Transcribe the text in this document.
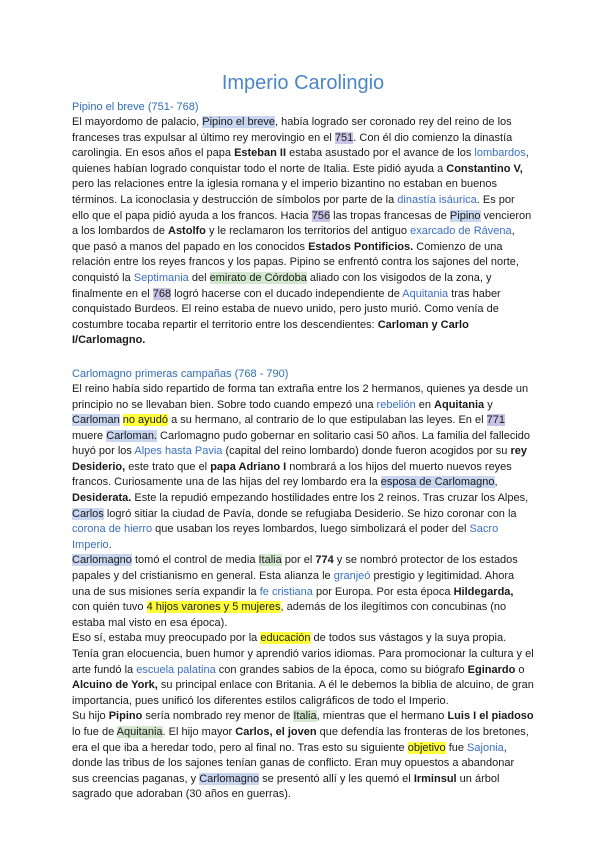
Imperio Carolingio
Pipino el breve (751- 768)

El mayordomo de palacio, Pipino el breve, había logrado ser coronado rey del reino de los franceses tras expulsar al último rey merovingio en el 751. Con él dio comienzo la dinastía carolingia. En esos años el papa Esteban II estaba asustado por el avance de los lombardos, quienes habían logrado conquistar todo el norte de Italia. Este pidió ayuda a Constantino V, pero las relaciones entre la iglesia romana y el imperio bizantino no estaban en buenos términos. La iconoclasia y destrucción de símbolos por parte de la dinastía isáurica. Es por ello que el papa pidió ayuda a los francos. Hacia 756 las tropas francesas de Pipino vencieron a los lombardos de Astolfo y le reclamaron los territorios del antiguo exarcado de Rávena, que pasó a manos del papado en los conocidos Estados Pontificios. Comienzo de una relación entre los reyes francos y los papas. Pipino se enfrentó contra los sajones del norte, conquistó la Septimania del emirato de Córdoba aliado con los visigodos de la zona, y finalmente en el 768 logró hacerse con el ducado independiente de Aquitania tras haber conquistado Burdeos. El reino estaba de nuevo unido, pero justo murió. Como venía de costumbre tocaba repartir el territorio entre los descendientes: Carloman y Carlo I/Carlomagno.

Carlomagno primeras campañas (768 - 790)

El reino había sido repartido de forma tan extraña entre los 2 hermanos, quienes ya desde un principio no se llevaban bien. Sobre todo cuando empezó una rebelión en Aquitania y Carloman no ayudó a su hermano, al contrario de lo que estipulaban las leyes. En el 771 muere Carloman. Carlomagno pudo gobernar en solitario casi 50 años. La familia del fallecido huyó por los Alpes hasta Pavia (capital del reino lombardo) donde fueron acogidos por su rey Desiderio, este trato que el papa Adriano I nombrará a los hijos del muerto nuevos reyes francos. Curiosamente una de las hijas del rey lombardo era la esposa de Carlomagno, Desiderata. Este la repudió empezando hostilidades entre los 2 reinos. Tras cruzar los Alpes, Carlos logró sitiar la ciudad de Pavía, donde se refugiaba Desiderio. Se hizo coronar con la corona de hierro que usaban los reyes lombardos, luego simbolizará el poder del Sacro Imperio.

Carlomagno tomó el control de media Italia por el 774 y se nombró protector de los estados papales y del cristianismo en general. Esta alianza le granjeó prestigio y legitimidad. Ahora una de sus misiones sería expandir la fe cristiana por Europa. Por esta época Hildegarda, con quién tuvo 4 hijos varones y 5 mujeres, además de los ilegítimos con concubinas (no estaba mal visto en esa época).

Eso sí, estaba muy preocupado por la educación de todos sus vástagos y la suya propia. Tenía gran elocuencia, buen humor y aprendió varios idiomas. Para promocionar la cultura y el arte fundó la escuela palatina con grandes sabios de la época, como su biógrafo Eginardo o Alcuino de York, su principal enlace con Britania. A él le debemos la biblia de alcuino, de gran importancia, pues unificó los diferentes estilos caligráficos de todo el Imperio.

Su hijo Pipino sería nombrado rey menor de Italia, mientras que el hermano Luis I el piadoso lo fue de Aquitania. El hijo mayor Carlos, el joven que defendía las fronteras de los bretones, era el que iba a heredar todo, pero al final no. Tras esto su siguiente objetivo fue Sajonia, donde las tribus de los sajones tenían ganas de conflicto. Eran muy opuestos a abandonar sus creencias paganas, y Carlomagno se presentó allí y les quemó el Irminsul un árbol sagrado que adoraban (30 años en guerras).
